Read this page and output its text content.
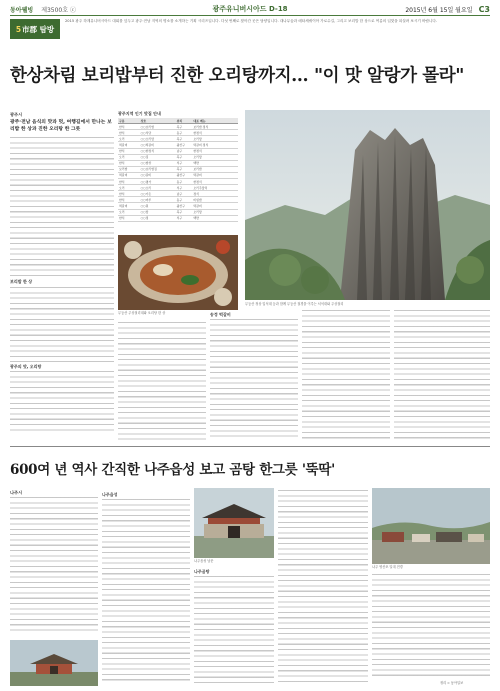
동아웰빙 제3500호 ⓒ	광주유니버시아드 D-18	2015년 6월 15일 월요일 C3
5 市郡 탐방
2015 광주 하계유니버시아드 대회를 앞두고 광주·전남 지역의 명소를 소개하는 기획 시리즈입니다. 다섯 번째로 찾아간 곳은 담양입니다. 대나무숲과 메타세쿼이아 가로수길, 그리고 보리밥 한 상으로 여름의 입맛을 되살려 보시기 바랍니다.
한상차림 보리밥부터 진한 오리탕까지… "이 맛 알랑가 몰라"
광주시
광주·전남 음식의 맛과 멋, 여행길에서 만나는 보리밥 한 상과 진한 오리탕 한 그릇
보리밥 한 상
광주의 맛, 오리탕
광주지역 인기 맛집 안내
구분	상호	위치	대표 메뉴
한식	○○보리밥	북구	보리밥 정식
한식	○○식당	동구	한정식
오리	○○오리탕	북구	오리탕
떡갈비	○○떡갈비	광산구	떡갈비 정식
한식	○○한정식	남구	한정식
오리	○○집	북구	오리탕
한식	○○밥상	서구	백반
보리밥	○○보리밥집	북구	보리밥
떡갈비	○○갈비	광산구	떡갈비
한식	○○명가	동구	한정식
오리	○○오리	서구	오리주물럭
한식	○○가든	남구	정식
한식	○○마루	동구	비빔밥
떡갈비	○○원	광산구	떡갈비
오리	○○탕	북구	오리탕
한식	○○정	서구	백반
무등산 정상 입석대 등과 함께 무등산 절경을 이루는 서석대와 주상절리
무등산 주상절리대와 오리탕 한 상	송정 떡갈비
600여 년 역사 간직한 나주읍성 보고 곰탕 한그릇 '뚝딱'
나주시	나주읍성
나주읍성 남문
나주곰탕
나주 영산포 일대 전경
정리 = 동아일보
